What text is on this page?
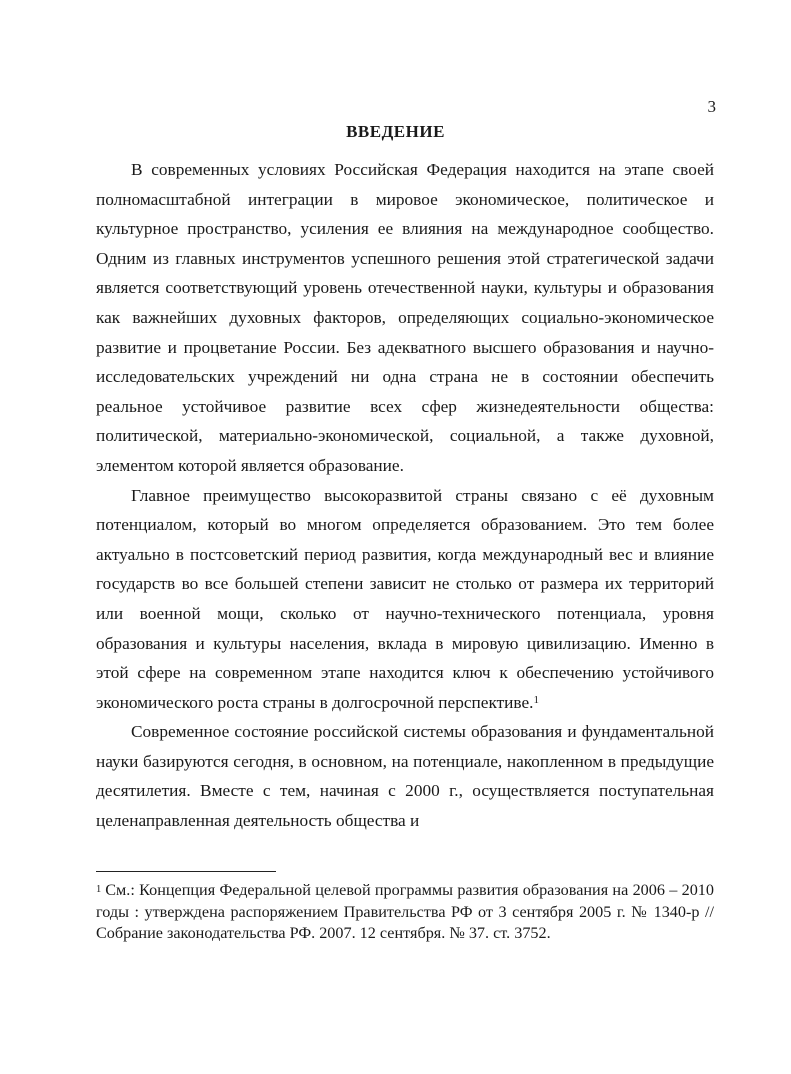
3
ВВЕДЕНИЕ

В современных условиях Российская Федерация находится на этапе своей полномасштабной интеграции в мировое экономическое, политическое и культурное пространство, усиления ее влияния на международное сообщество. Одним из главных инструментов успешного решения этой стратегической задачи является соответствующий уровень отечественной науки, культуры и образования как важнейших духовных факторов, определяющих социально-экономическое развитие и процветание России. Без адекватного высшего образования и научно-исследовательских учреждений ни одна страна не в состоянии обеспечить реальное устойчивое развитие всех сфер жизнедеятельности общества: политической, материально-экономической, социальной, а также духовной, элементом которой является образование.

Главное преимущество высокоразвитой страны связано с её духовным потенциалом, который во многом определяется образованием. Это тем более актуально в постсоветский период развития, когда международный вес и влияние государств во все большей степени зависит не столько от размера их территорий или военной мощи, сколько от научно-технического потенциала, уровня образования и культуры населения, вклада в мировую цивилизацию. Именно в этой сфере на современном этапе находится ключ к обеспечению устойчивого экономического роста страны в долгосрочной перспективе.$^1$

Современное состояние российской системы образования и фундаментальной науки базируются сегодня, в основном, на потенциале, накопленном в предыдущие десятилетия. Вместе с тем, начиная с 2000 г., осуществляется поступательная целенаправленная деятельность общества и

$^1$ См.: Концепция Федеральной целевой программы развития образования на 2006 – 2010 годы : утверждена распоряжением Правительства РФ от 3 сентября 2005 г. № 1340-р // Собрание законодательства РФ. 2007. 12 сентября. № 37. ст. 3752.
